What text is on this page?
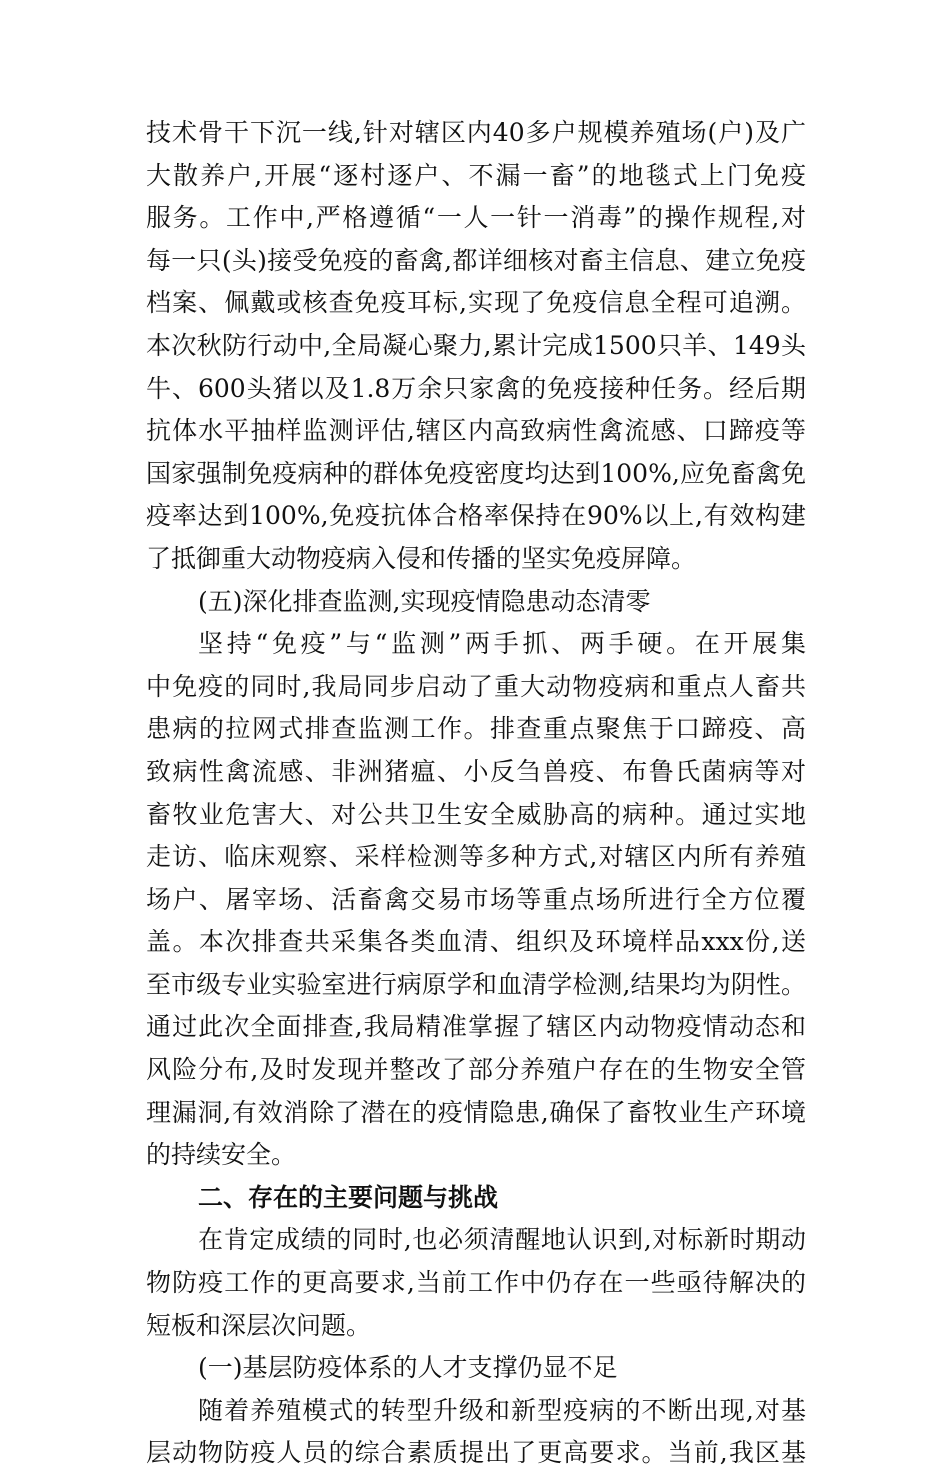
技术骨干下沉一线,针对辖区内40多户规模养殖场(户)及广
大散养户,开展“逐村逐户、不漏一畜”的地毯式上门免疫
服务。工作中,严格遵循“一人一针一消毒”的操作规程,对
每一只(头)接受免疫的畜禽,都详细核对畜主信息、建立免疫
档案、佩戴或核查免疫耳标,实现了免疫信息全程可追溯。
本次秋防行动中,全局凝心聚力,累计完成1500只羊、149头
牛、600头猪以及1.8万余只家禽的免疫接种任务。经后期
抗体水平抽样监测评估,辖区内高致病性禽流感、口蹄疫等
国家强制免疫病种的群体免疫密度均达到100%,应免畜禽免
疫率达到100%,免疫抗体合格率保持在90%以上,有效构建
了抵御重大动物疫病入侵和传播的坚实免疫屏障。
(五)深化排查监测,实现疫情隐患动态清零
坚持“免疫”与“监测”两手抓、两手硬。在开展集
中免疫的同时,我局同步启动了重大动物疫病和重点人畜共
患病的拉网式排查监测工作。排查重点聚焦于口蹄疫、高
致病性禽流感、非洲猪瘟、小反刍兽疫、布鲁氏菌病等对
畜牧业危害大、对公共卫生安全威胁高的病种。通过实地
走访、临床观察、采样检测等多种方式,对辖区内所有养殖
场户、屠宰场、活畜禽交易市场等重点场所进行全方位覆
盖。本次排查共采集各类血清、组织及环境样品xxx份,送
至市级专业实验室进行病原学和血清学检测,结果均为阴性。
通过此次全面排查,我局精准掌握了辖区内动物疫情动态和
风险分布,及时发现并整改了部分养殖户存在的生物安全管
理漏洞,有效消除了潜在的疫情隐患,确保了畜牧业生产环境
的持续安全。
二、存在的主要问题与挑战
在肯定成绩的同时,也必须清醒地认识到,对标新时期动
物防疫工作的更高要求,当前工作中仍存在一些亟待解决的
短板和深层次问题。
(一)基层防疫体系的人才支撑仍显不足
随着养殖模式的转型升级和新型疫病的不断出现,对基
层动物防疫人员的综合素质提出了更高要求。当前,我区基
